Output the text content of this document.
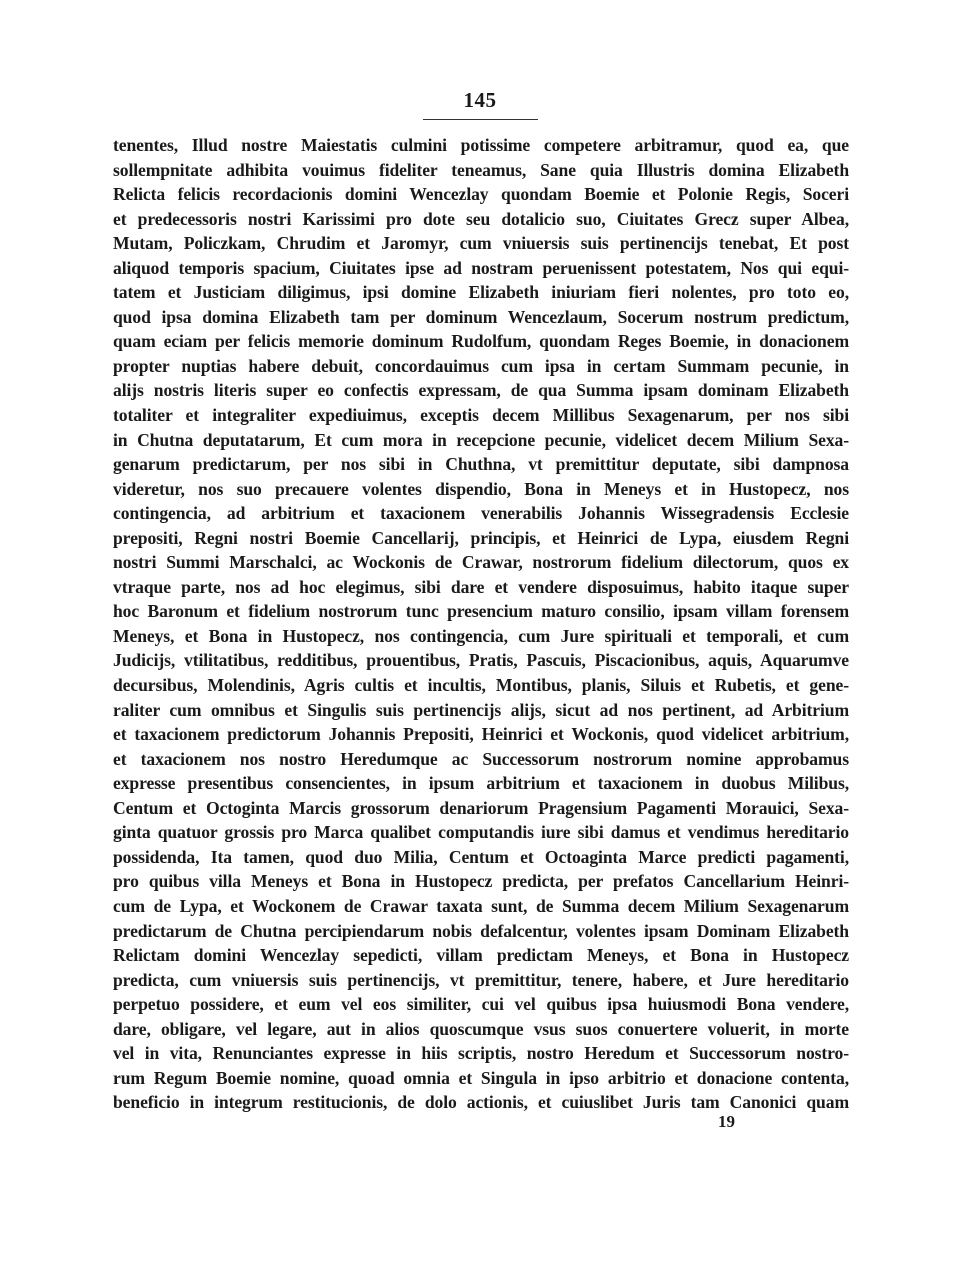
145
tenentes, Illud nostre Maiestatis culmini potissime competere arbitramur, quod ea, que
sollempnitate adhibita vouimus fideliter teneamus, Sane quia Illustris domina Elizabeth
Relicta felicis recordacionis domini Wencezlay quondam Boemie et Polonie Regis, Soceri
et predecessoris nostri Karissimi pro dote seu dotalicio suo, Ciuitates Grecz super Albea,
Mutam, Policzkam, Chrudim et Jaromyr, cum vniuersis suis pertinencijs tenebat, Et post
aliquod temporis spacium, Ciuitates ipse ad nostram peruenissent potestatem, Nos qui equi-
tatem et Justiciam diligimus, ipsi domine Elizabeth iniuriam fieri nolentes, pro toto eo,
quod ipsa domina Elizabeth tam per dominum Wencezlaum, Socerum nostrum predictum,
quam eciam per felicis memorie dominum Rudolfum, quondam Reges Boemie, in donacionem
propter nuptias habere debuit, concordauimus cum ipsa in certam Summam pecunie, in
alijs nostris literis super eo confectis expressam, de qua Summa ipsam dominam Elizabeth
totaliter et integraliter expediuimus, exceptis decem Millibus Sexagenarum, per nos sibi
in Chutna deputatarum, Et cum mora in recepcione pecunie, videlicet decem Milium Sexa-
genarum predictarum, per nos sibi in Chuthna, vt premittitur deputate, sibi dampnosa
videretur, nos suo precauere volentes dispendio, Bona in Meneys et in Hustopecz, nos
contingencia, ad arbitrium et taxacionem venerabilis Johannis Wissegradensis Ecclesie
prepositi, Regni nostri Boemie Cancellarij, principis, et Heinrici de Lypa, eiusdem Regni
nostri Summi Marschalci, ac Wockonis de Crawar, nostrorum fidelium dilectorum, quos ex
vtraque parte, nos ad hoc elegimus, sibi dare et vendere disposuimus, habito itaque super
hoc Baronum et fidelium nostrorum tunc presencium maturo consilio, ipsam villam forensem
Meneys, et Bona in Hustopecz, nos contingencia, cum Jure spirituali et temporali, et cum
Judicijs, vtilitatibus, redditibus, prouentibus, Pratis, Pascuis, Piscacionibus, aquis, Aquarumve
decursibus, Molendinis, Agris cultis et incultis, Montibus, planis, Siluis et Rubetis, et gene-
raliter cum omnibus et Singulis suis pertinencijs alijs, sicut ad nos pertinent, ad Arbitrium
et taxacionem predictorum Johannis Prepositi, Heinrici et Wockonis, quod videlicet arbitrium,
et taxacionem nos nostro Heredumque ac Successorum nostrorum nomine approbamus
expresse presentibus consencientes, in ipsum arbitrium et taxacionem in duobus Milibus,
Centum et Octoginta Marcis grossorum denariorum Pragensium Pagamenti Morauici, Sexa-
ginta quatuor grossis pro Marca qualibet computandis iure sibi damus et vendimus hereditario
possidenda, Ita tamen, quod duo Milia, Centum et Octoaginta Marce predicti pagamenti,
pro quibus villa Meneys et Bona in Hustopecz predicta, per prefatos Cancellarium Heinri-
cum de Lypa, et Wockonem de Crawar taxata sunt, de Summa decem Milium Sexagenarum
predictarum de Chutna percipiendarum nobis defalcentur, volentes ipsam Dominam Elizabeth
Relictam domini Wencezlay sepedicti, villam predictam Meneys, et Bona in Hustopecz
predicta, cum vniuersis suis pertinencijs, vt premittitur, tenere, habere, et Jure hereditario
perpetuo possidere, et eum vel eos similiter, cui vel quibus ipsa huiusmodi Bona vendere,
dare, obligare, vel legare, aut in alios quoscumque vsus suos conuertere voluerit, in morte
vel in vita, Renunciantes expresse in hiis scriptis, nostro Heredum et Successorum nostro-
rum Regum Boemie nomine, quoad omnia et Singula in ipso arbitrio et donacione contenta,
beneficio in integrum restitucionis, de dolo actionis, et cuiuslibet Juris tam Canonici quam
19
